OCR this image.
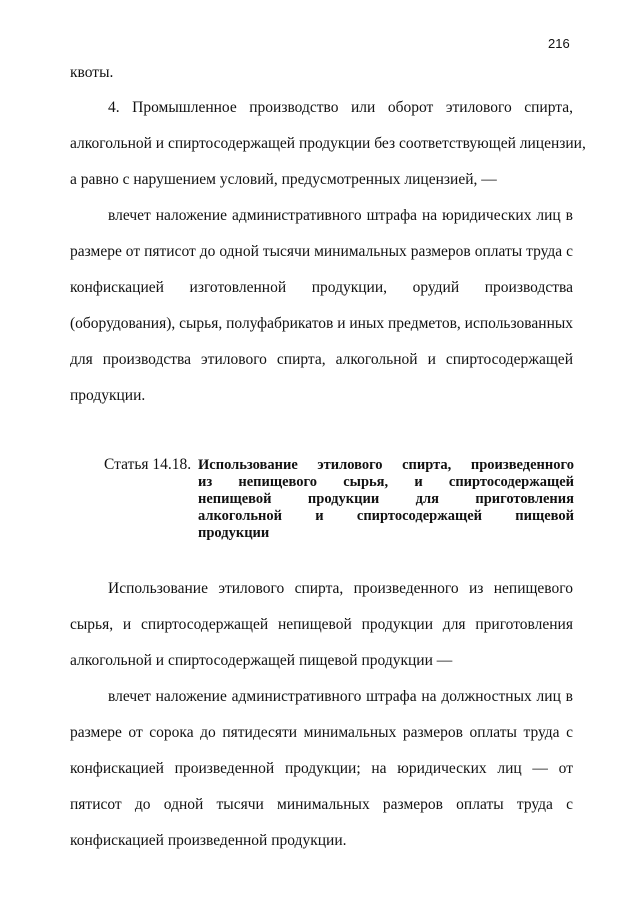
216
квоты.
4. Промышленное производство или оборот этилового спирта,
алкогольной и спиртосодержащей продукции без соответствующей лицензии,
а равно с нарушением условий, предусмотренных лицензией, —
влечет наложение административного штрафа на юридических лиц в
размере от пятисот до одной тысячи минимальных размеров оплаты труда с
конфискацией изготовленной продукции, орудий производства
(оборудования), сырья, полуфабрикатов и иных предметов, использованных
для производства этилового спирта, алкогольной и спиртосодержащей
продукции.
Статья 14.18. Использование этилового спирта, произведенного
из непищевого сырья, и спиртосодержащей
непищевой продукции для приготовления
алкогольной и спиртосодержащей пищевой
продукции
Использование этилового спирта, произведенного из непищевого
сырья, и спиртосодержащей непищевой продукции для приготовления
алкогольной и спиртосодержащей пищевой продукции —
влечет наложение административного штрафа на должностных лиц в
размере от сорока до пятидесяти минимальных размеров оплаты труда с
конфискацией произведенной продукции; на юридических лиц — от
пятисот до одной тысячи минимальных размеров оплаты труда с
конфискацией произведенной продукции.
